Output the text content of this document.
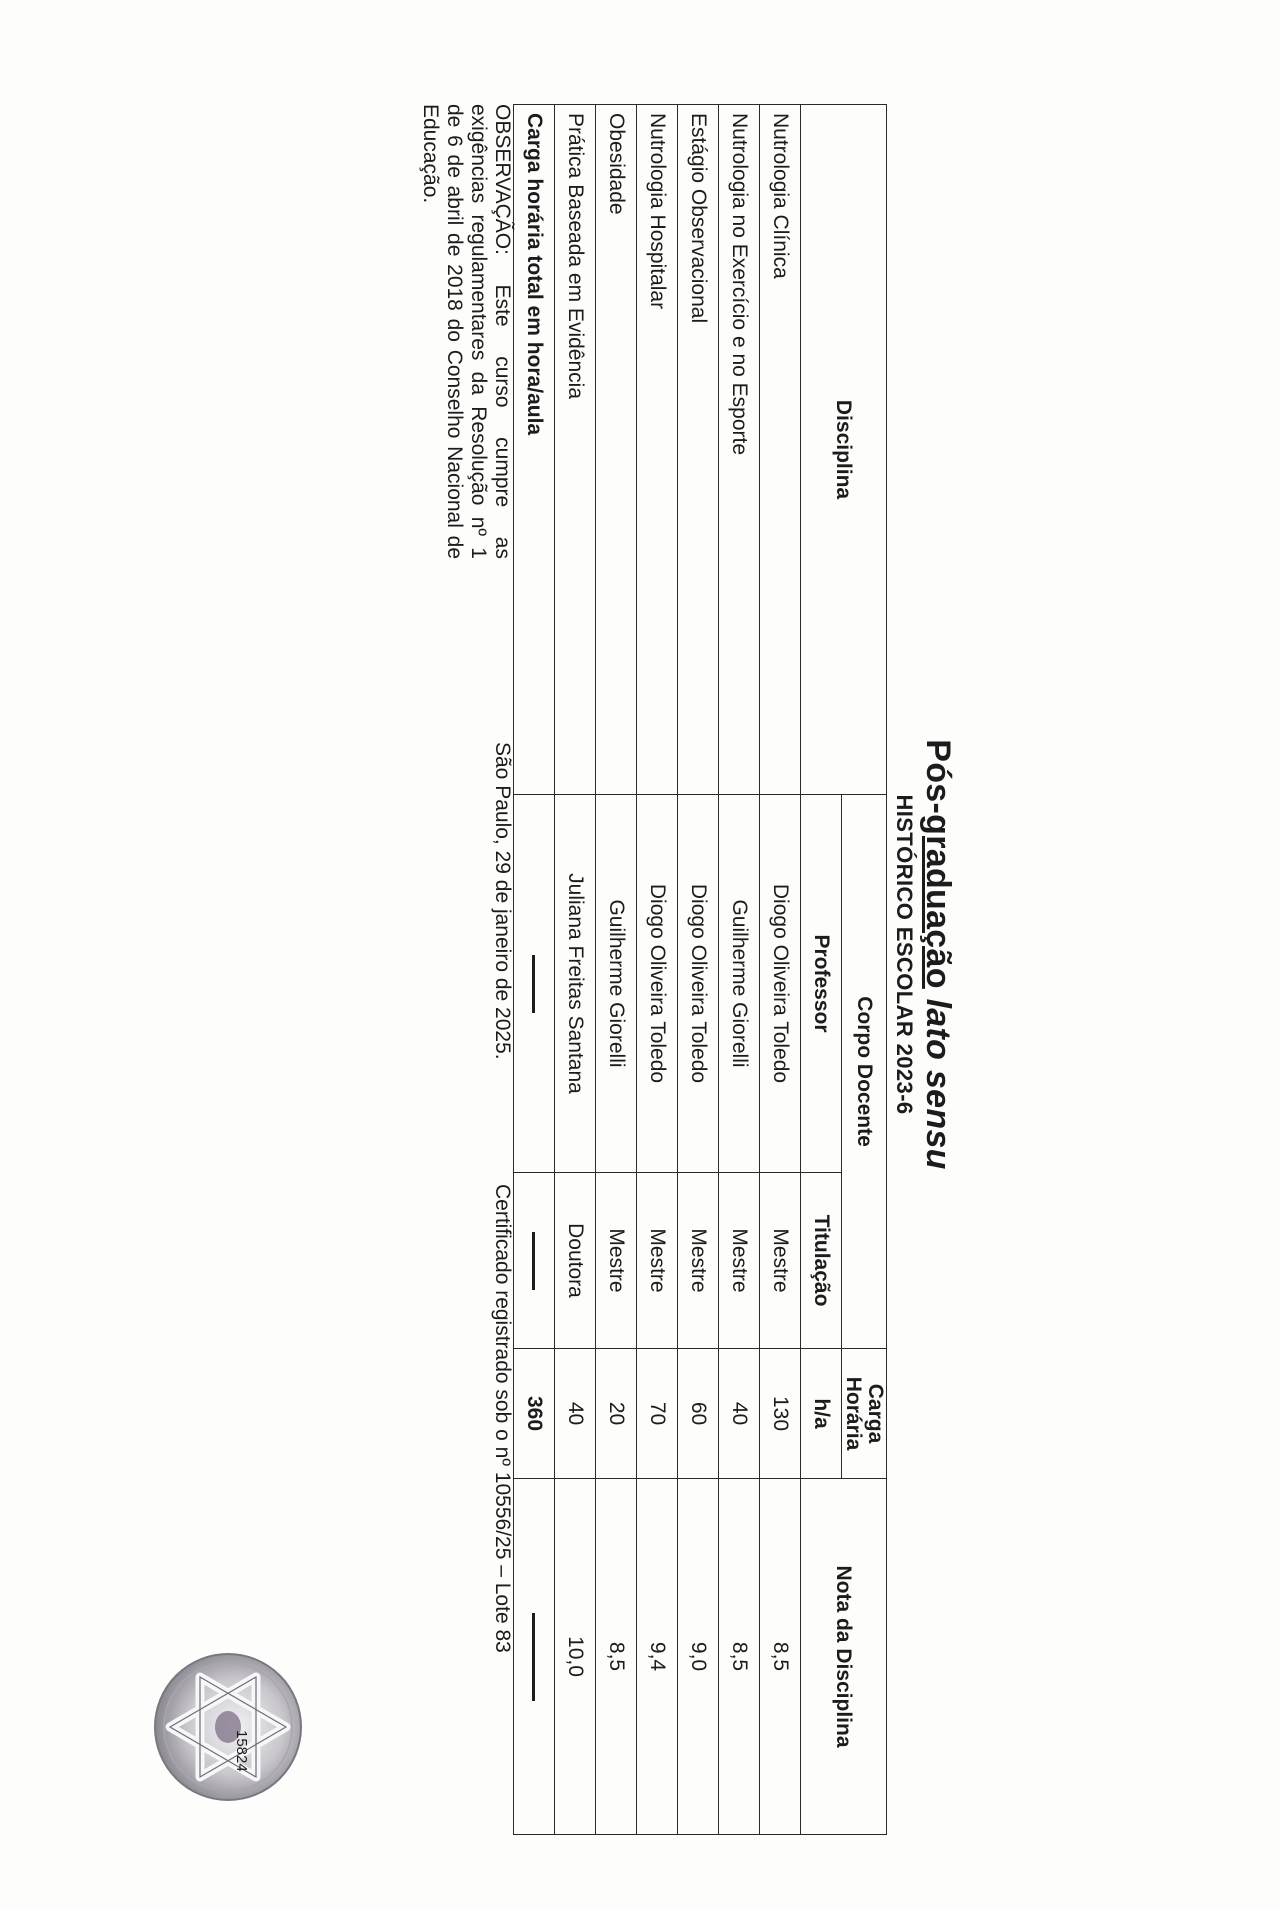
Pós-graduação lato sensu
HISTÓRICO ESCOLAR 2023-6
Disciplina	Corpo Docente		Carga Horária	Nota da Disciplina
	Professor	Titulação	h/a	
Nutrologia Clínica	Diogo Oliveira Toledo	Mestre	130	8,5
Nutrologia no Exercício e no Esporte	Guilherme Giorelli	Mestre	40	8,5
Estágio Observacional	Diogo Oliveira Toledo	Mestre	60	9,0
Nutrologia Hospitalar	Diogo Oliveira Toledo	Mestre	70	9,4
Obesidade	Guilherme Giorelli	Mestre	20	8,5
Prática Baseada em Evidência	Juliana Freitas Santana	Doutora	40	10,0
Carga horária total em hora/aula			360	
OBSERVAÇÃO: Este curso cumpre as exigências regulamentares da Resolução nº 1 de 6 de abril de 2018 do Conselho Nacional de Educação.
São Paulo, 29 de janeiro de 2025.
Certificado registrado sob o nº 10556/25 – Lote 83
15824
